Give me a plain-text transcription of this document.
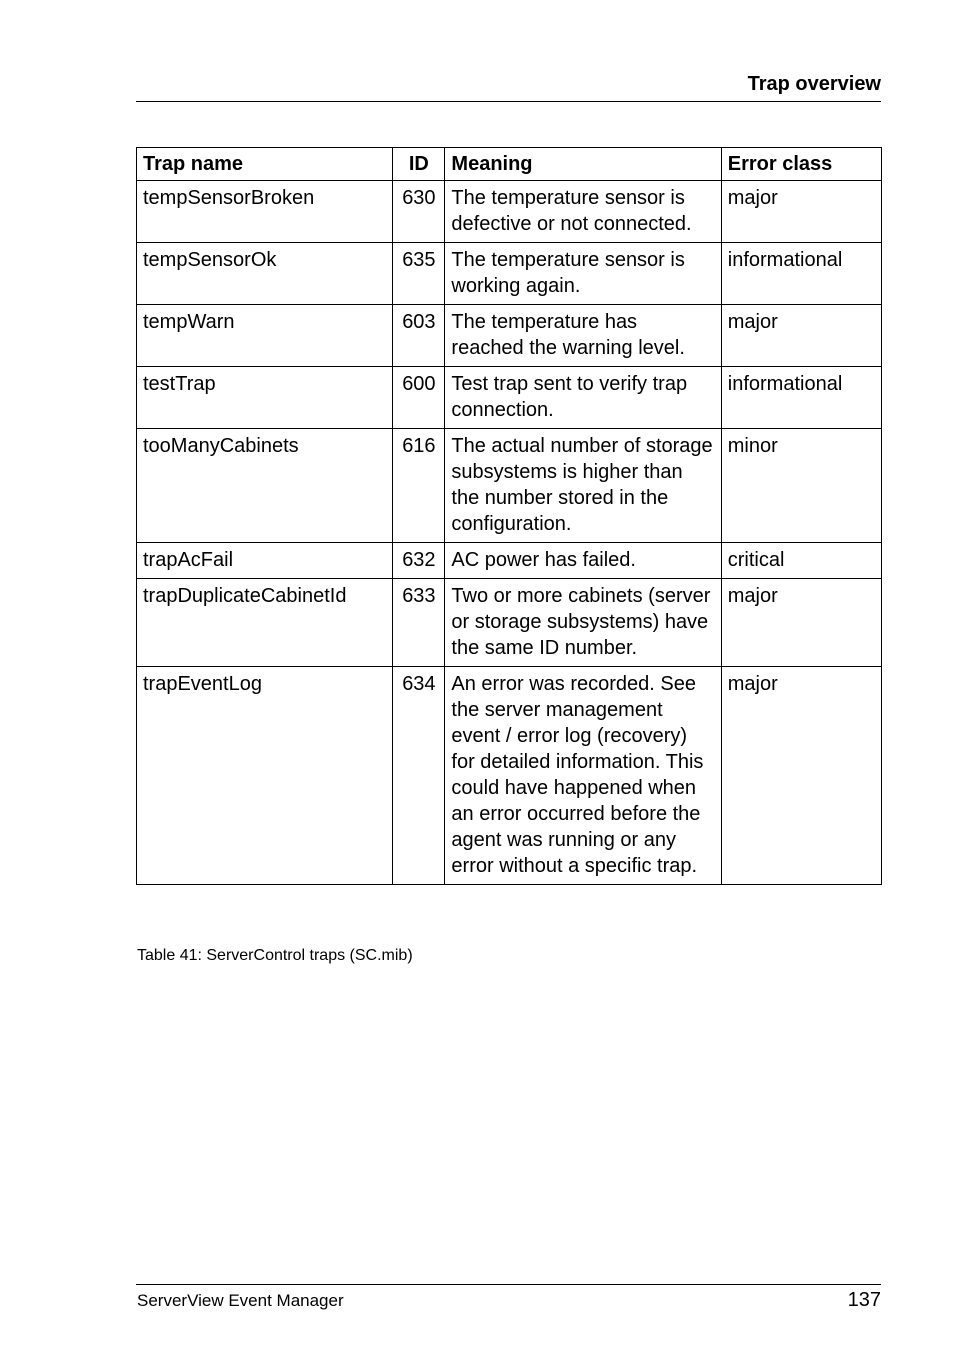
Trap overview
Trap name	ID	Meaning	Error class
tempSensorBroken	630	The temperature sensor is defective or not connected.	major
tempSensorOk	635	The temperature sensor is working again.	informational
tempWarn	603	The temperature has reached the warning level.	major
testTrap	600	Test trap sent to verify trap connection.	informational
tooManyCabinets	616	The actual number of storage subsystems is higher than the number stored in the configuration.	minor
trapAcFail	632	AC power has failed.	critical
trapDuplicateCabinetId	633	Two or more cabinets (server or storage subsystems) have the same ID number.	major
trapEventLog	634	An error was recorded. See the server management event / error log (recovery) for detailed information. This could have happened when an error occurred before the agent was running or any error without a specific trap.	major
Table 41: ServerControl traps (SC.mib)
ServerView Event Manager	137
